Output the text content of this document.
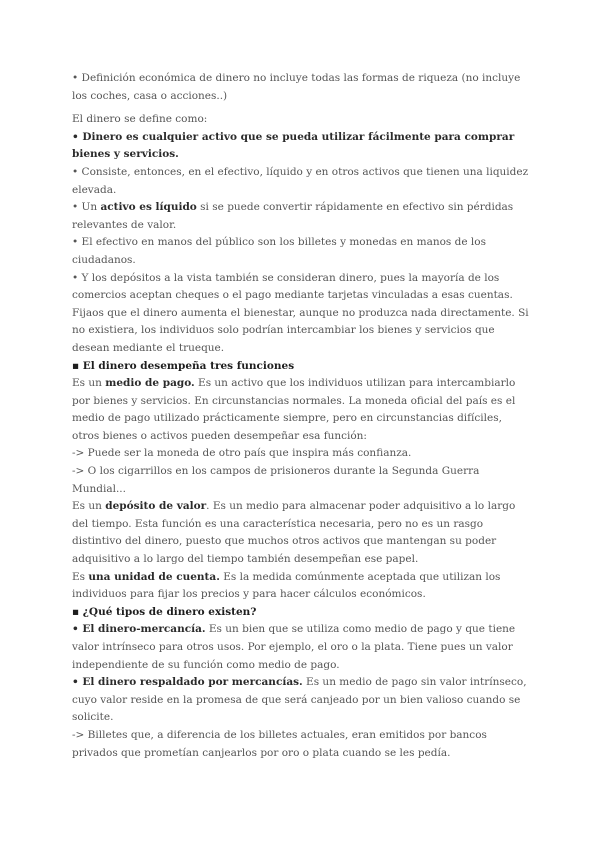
• Definición económica de dinero no incluye todas las formas de riqueza (no incluye los coches, casa o acciones..)

El dinero se define como:

• Dinero es cualquier activo que se pueda utilizar fácilmente para comprar bienes y servicios.

• Consiste, entonces, en el efectivo, líquido y en otros activos que tienen una liquidez elevada.

• Un activo es líquido si se puede convertir rápidamente en efectivo sin pérdidas relevantes de valor.

• El efectivo en manos del público son los billetes y monedas en manos de los ciudadanos.

• Y los depósitos a la vista también se consideran dinero, pues la mayoría de los comercios aceptan cheques o el pago mediante tarjetas vinculadas a esas cuentas.

Fijaos que el dinero aumenta el bienestar, aunque no produzca nada directamente. Si no existiera, los individuos solo podrían intercambiar los bienes y servicios que desean mediante el trueque.

▪ El dinero desempeña tres funciones

Es un medio de pago. Es un activo que los individuos utilizan para intercambiarlo por bienes y servicios. En circunstancias normales. La moneda oficial del país es el medio de pago utilizado prácticamente siempre, pero en circunstancias difíciles, otros bienes o activos pueden desempeñar esa función:

-> Puede ser la moneda de otro país que inspira más confianza.

-> O los cigarrillos en los campos de prisioneros durante la Segunda Guerra Mundial...

Es un depósito de valor. Es un medio para almacenar poder adquisitivo a lo largo del tiempo. Esta función es una característica necesaria, pero no es un rasgo distintivo del dinero, puesto que muchos otros activos que mantengan su poder adquisitivo a lo largo del tiempo también desempeñan ese papel.

Es una unidad de cuenta. Es la medida comúnmente aceptada que utilizan los individuos para fijar los precios y para hacer cálculos económicos.

▪ ¿Qué tipos de dinero existen?

• El dinero-mercancía. Es un bien que se utiliza como medio de pago y que tiene valor intrínseco para otros usos. Por ejemplo, el oro o la plata. Tiene pues un valor independiente de su función como medio de pago.

• El dinero respaldado por mercancías. Es un medio de pago sin valor intrínseco, cuyo valor reside en la promesa de que será canjeado por un bien valioso cuando se solicite.

-> Billetes que, a diferencia de los billetes actuales, eran emitidos por bancos privados que prometían canjearlos por oro o plata cuando se les pedía.
